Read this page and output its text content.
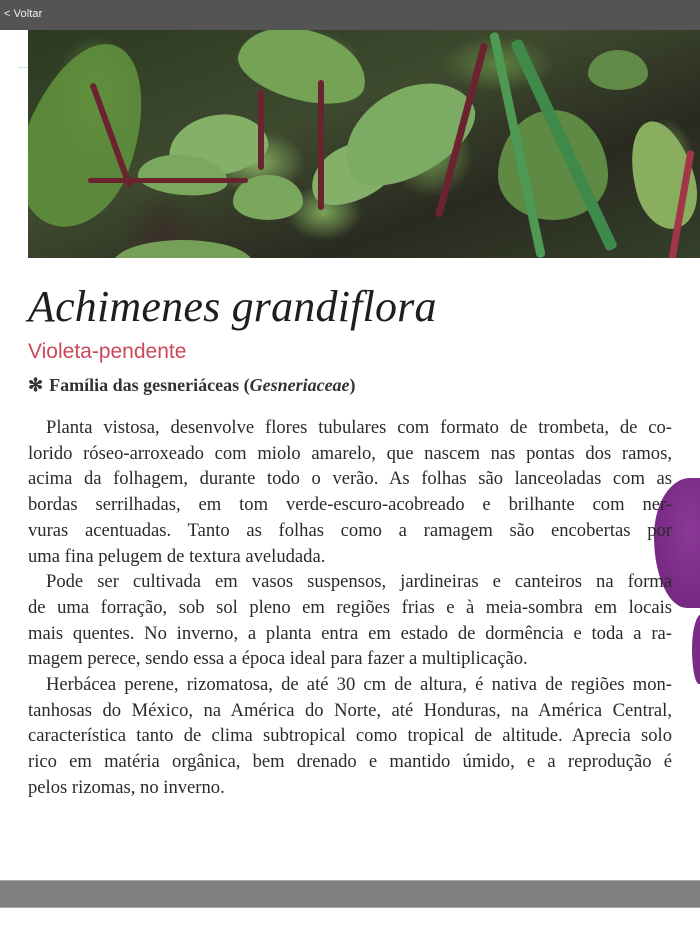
< Voltar
Achimenes grandiflora
Violeta-pendente
✻ Família das gesneriáceas (Gesneriaceae)
Planta vistosa, desenvolve flores tubulares com formato de trombeta, de co-
lorido róseo-arroxeado com miolo amarelo, que nascem nas pontas dos ramos,
acima da folhagem, durante todo o verão. As folhas são lanceoladas com as
bordas serrilhadas, em tom verde-escuro-acobreado e brilhante com ner-
vuras acentuadas. Tanto as folhas como a ramagem são encobertas por
uma fina pelugem de textura aveludada.
Pode ser cultivada em vasos suspensos, jardineiras e canteiros na forma
de uma forração, sob sol pleno em regiões frias e à meia-sombra em locais
mais quentes. No inverno, a planta entra em estado de dormência e toda a ra-
magem perece, sendo essa a época ideal para fazer a multiplicação.
Herbácea perene, rizomatosa, de até 30 cm de altura, é nativa de regiões mon-
tanhosas do México, na América do Norte, até Honduras, na América Central,
característica tanto de clima subtropical como tropical de altitude. Aprecia solo
rico em matéria orgânica, bem drenado e mantido úmido, e a reprodução é
pelos rizomas, no inverno.
